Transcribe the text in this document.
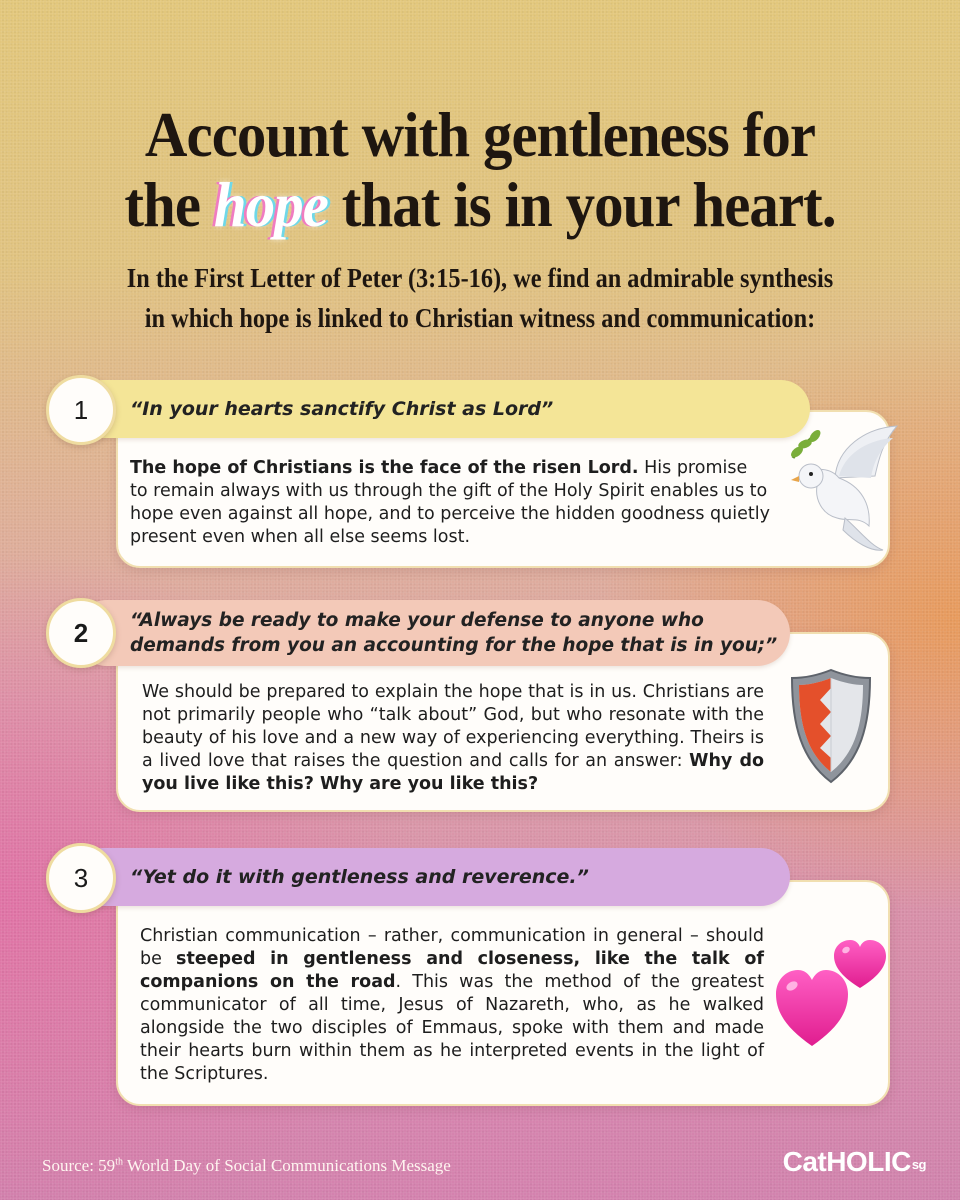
Account with gentleness for
the hope that is in your heart.
In the First Letter of Peter (3:15-16), we find an admirable synthesis
in which hope is linked to Christian witness and communication:
“In your hearts sanctify Christ as Lord”
1
The hope of Christians is the face of the risen Lord. His promise to remain always with us through the gift of the Holy Spirit enables us to hope even against all hope, and to perceive the hidden goodness quietly present even when all else seems lost.
“Always be ready to make your defense to anyone who
demands from you an accounting for the hope that is in you;”
2
We should be prepared to explain the hope that is in us. Christians are not primarily people who “talk about” God, but who resonate with the beauty of his love and a new way of experiencing everything. Theirs is a lived love that raises the question and calls for an answer: Why do you live like this? Why are you like this?
“Yet do it with gentleness and reverence.”
3
Christian communication – rather, communication in general – should be steeped in gentleness and closeness, like the talk of companions on the road. This was the method of the greatest communicator of all time, Jesus of Nazareth, who, as he walked alongside the two disciples of Emmaus, spoke with them and made their hearts burn within them as he interpreted events in the light of the Scriptures.

Source: 59th World Day of Social Communications Message	CatHOLICsg
